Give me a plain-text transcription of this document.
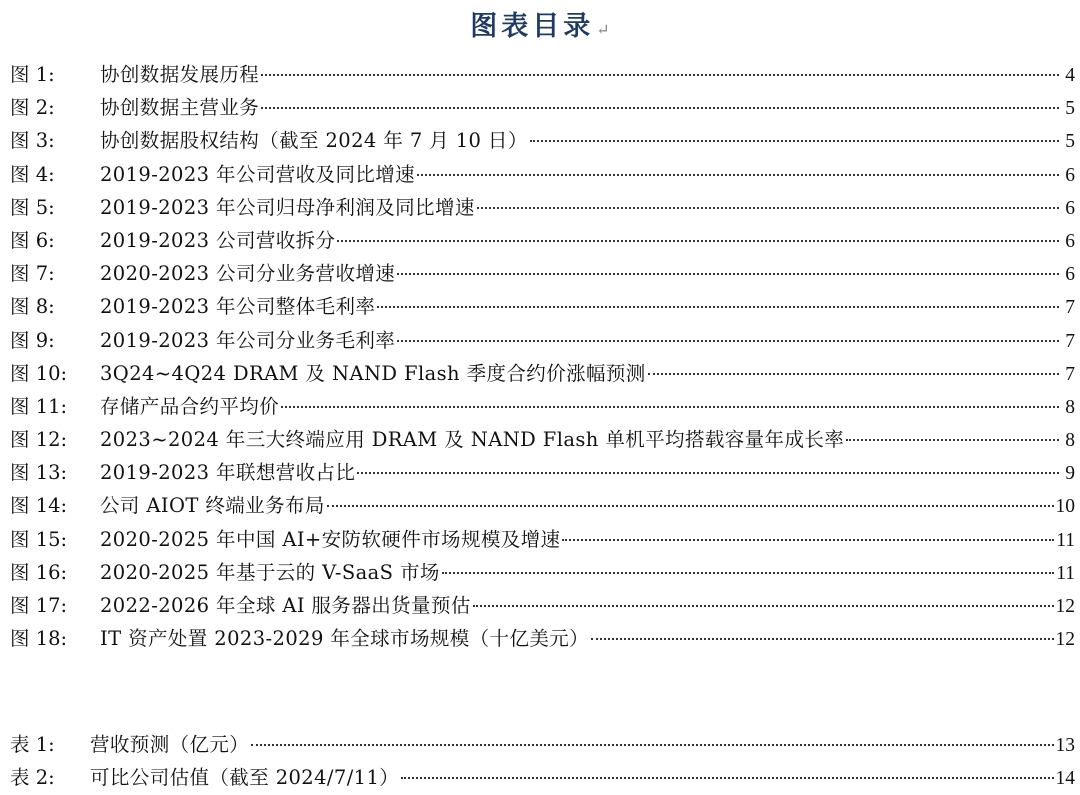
图表目录 ↵
图 1:	协创数据发展历程	4
图 2:	协创数据主营业务	5
图 3:	协创数据股权结构（截至 2024 年 7 月 10 日）	5
图 4:	2019-2023 年公司营收及同比增速	6
图 5:	2019-2023 年公司归母净利润及同比增速	6
图 6:	2019-2023 公司营收拆分	6
图 7:	2020-2023 公司分业务营收增速	6
图 8:	2019-2023 年公司整体毛利率	7
图 9:	2019-2023 年公司分业务毛利率	7
图 10:	3Q24~4Q24 DRAM 及 NAND Flash 季度合约价涨幅预测	7
图 11:	存储产品合约平均价	8
图 12:	2023~2024 年三大终端应用 DRAM 及 NAND Flash 单机平均搭载容量年成长率	8
图 13:	2019-2023 年联想营收占比	9
图 14:	公司 AIOT 终端业务布局	10
图 15:	2020-2025 年中国 AI+安防软硬件市场规模及增速	11
图 16:	2020-2025 年基于云的 V-SaaS 市场	11
图 17:	2022-2026 年全球 AI 服务器出货量预估	12
图 18:	IT 资产处置 2023-2029 年全球市场规模（十亿美元）	12
表 1:	营收预测（亿元）	13
表 2:	可比公司估值（截至 2024/7/11）	14
